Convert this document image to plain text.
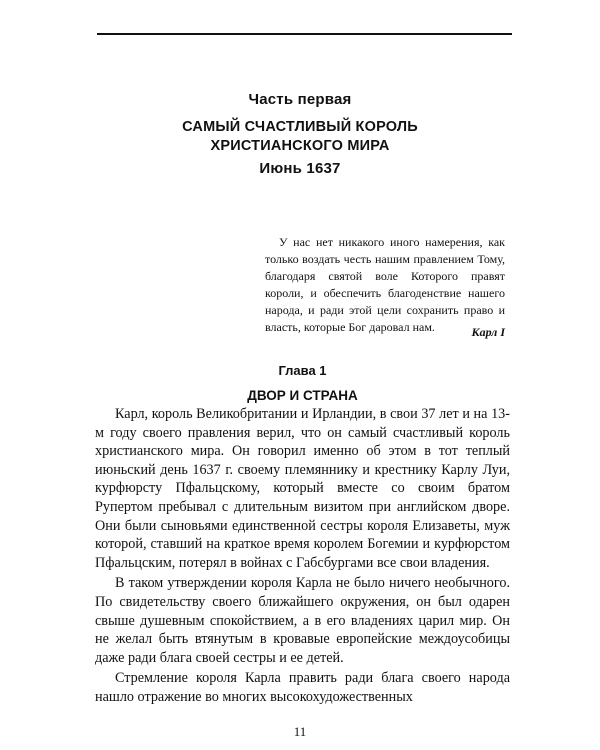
Часть первая
САМЫЙ СЧАСТЛИВЫЙ КОРОЛЬ
ХРИСТИАНСКОГО МИРА
Июнь 1637

У нас нет никакого иного намерения, как только воздать честь нашим правлением Тому, благодаря святой воле Которого правят короли, и обеспечить благоденствие нашего народа, и ради этой цели сохранить право и власть, которые Бог даровал нам.	Карл I

Глава 1
ДВОР И СТРАНА

Карл, король Великобритании и Ирландии, в свои 37 лет и на 13-м году своего правления верил, что он самый счастливый король христианского мира. Он говорил именно об этом в тот теплый июньский день 1637 г. своему племяннику и крестнику Карлу Луи, курфюрсту Пфальцскому, который вместе со своим братом Рупертом пребывал с длительным визитом при английском дворе. Они были сыновьями единственной сестры короля Елизаветы, муж которой, ставший на краткое время королем Богемии и курфюрстом Пфальцским, потерял в войнах с Габсбургами все свои владения.

В таком утверждении короля Карла не было ничего необычного. По свидетельству своего ближайшего окружения, он был одарен свыше душевным спокойствием, а в его владениях царил мир. Он не желал быть втянутым в кровавые европейские междоусобицы даже ради блага своей сестры и ее детей.

Стремление короля Карла править ради блага своего народа нашло отражение во многих высокохудожественных

11
